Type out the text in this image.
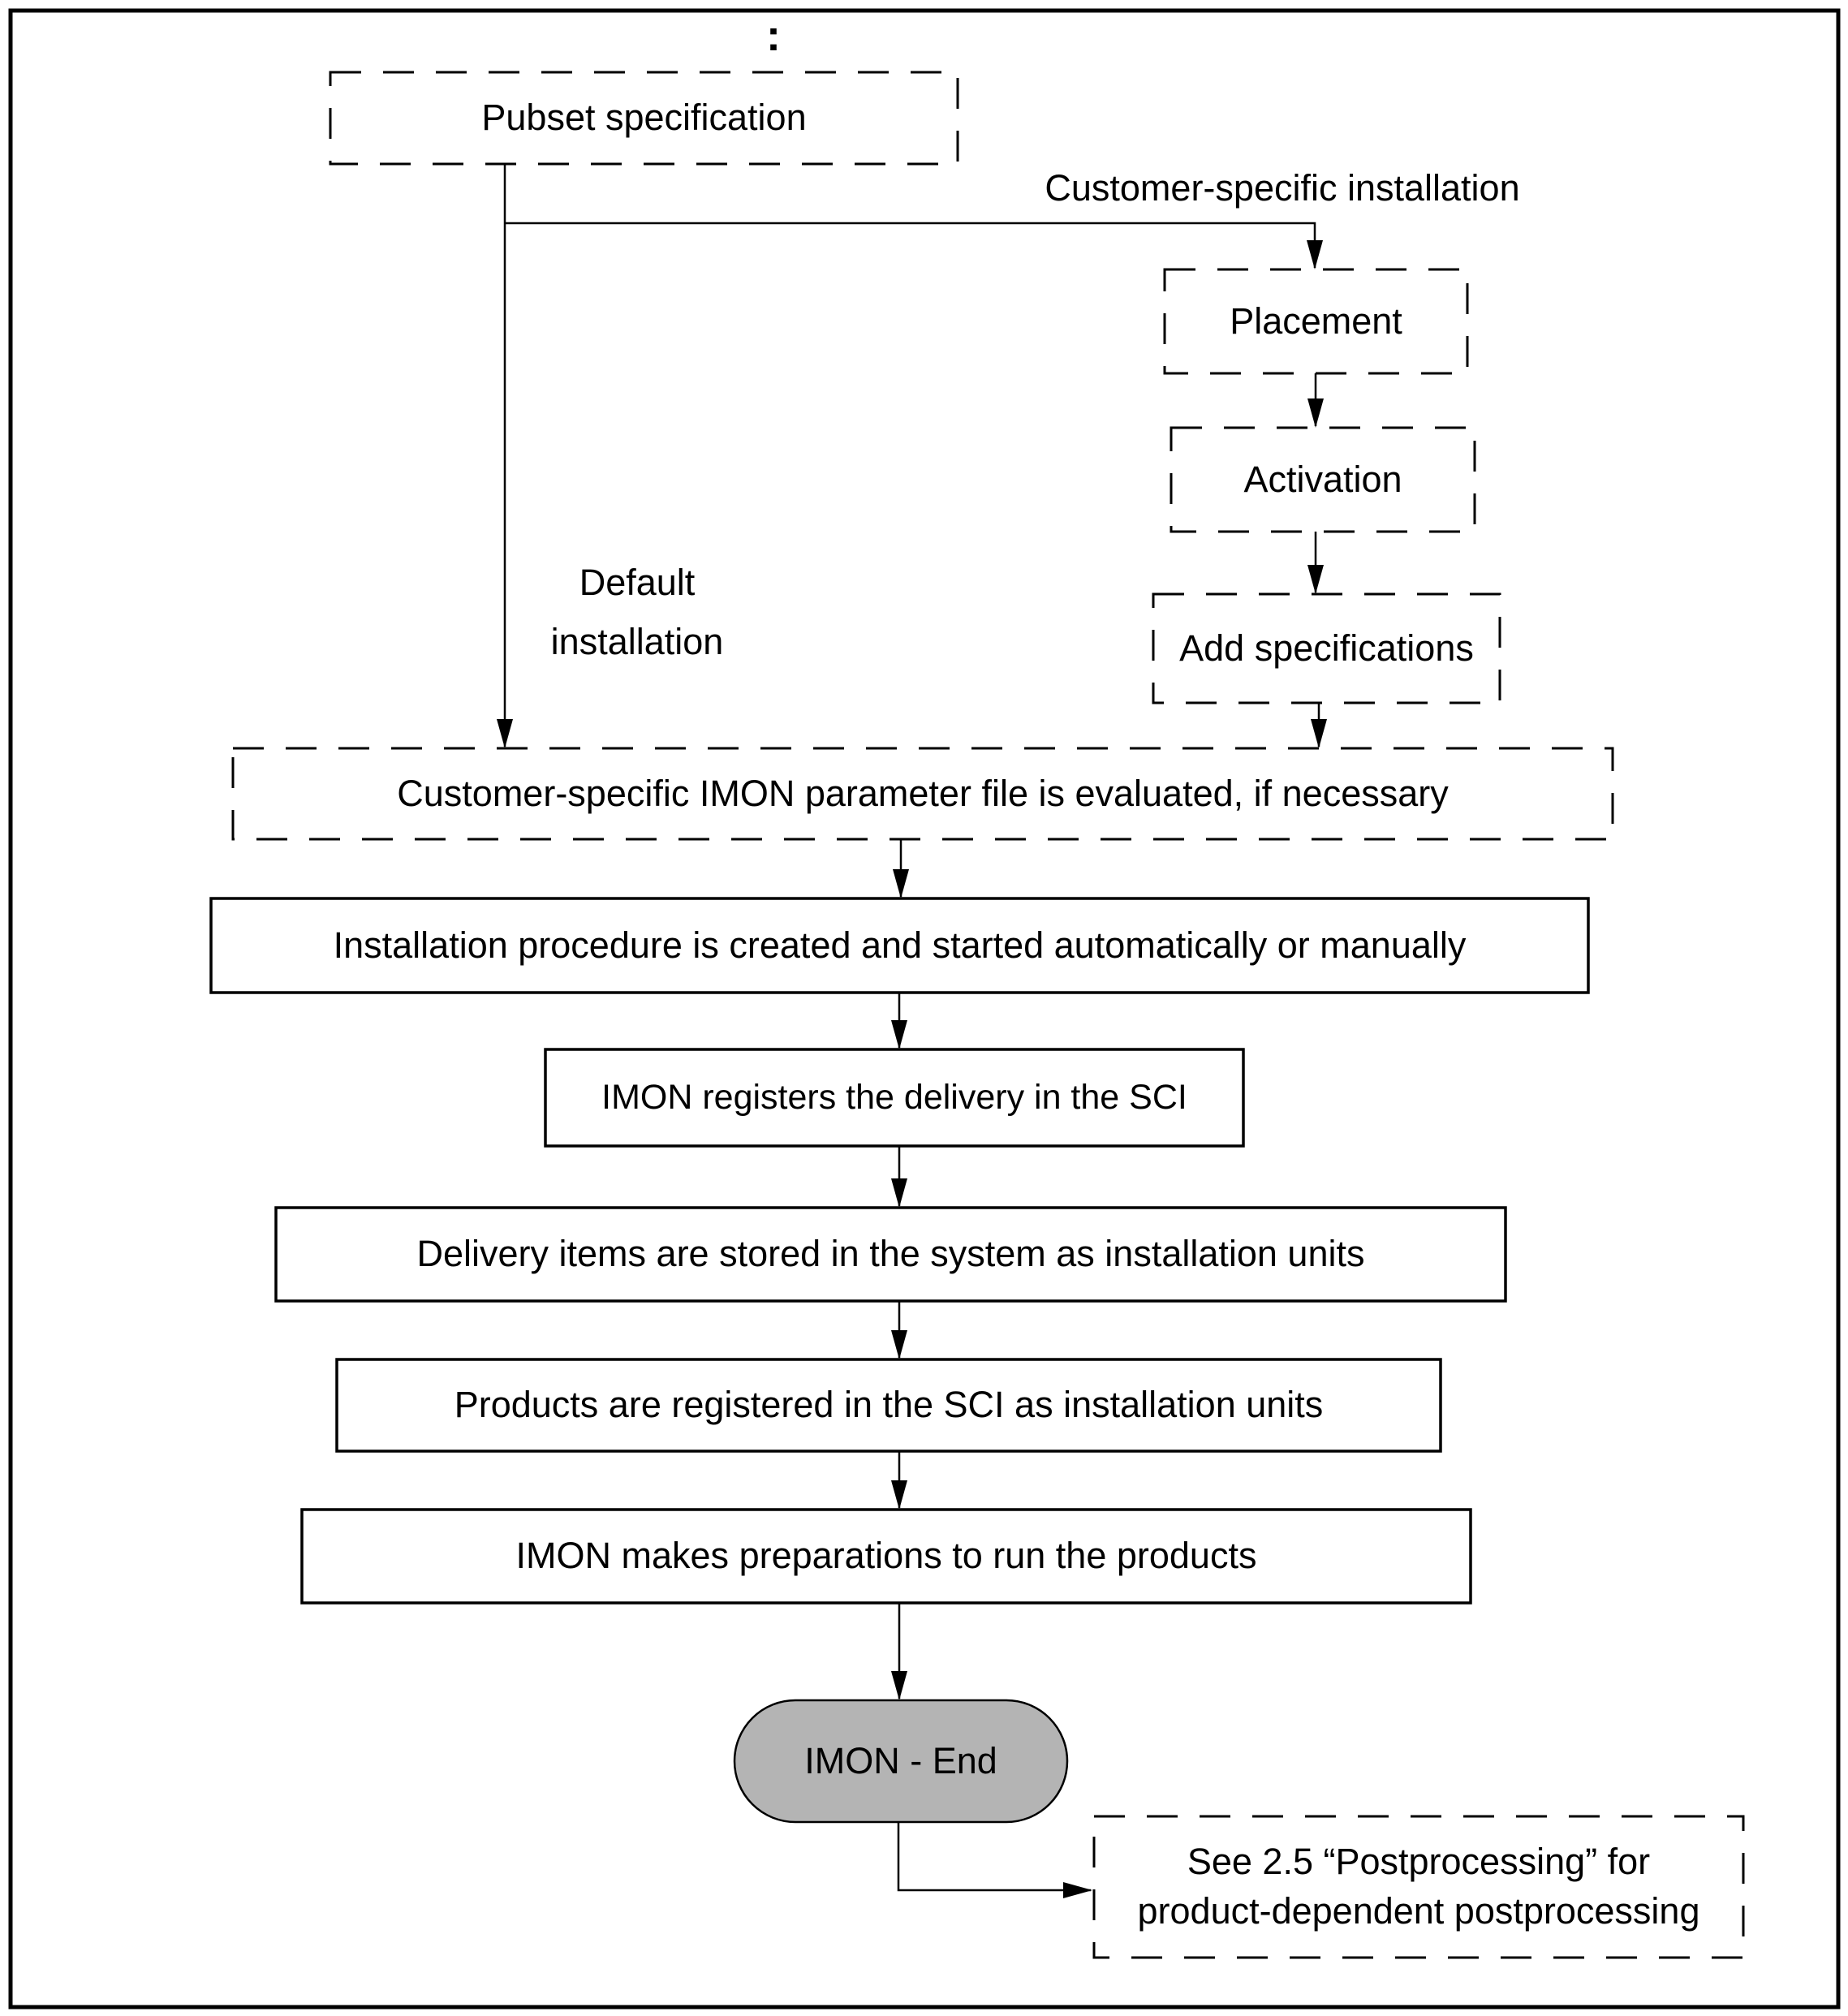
:
Pubset specification
Customer-specific installation
Default
installation
Placement
Activation
Add specifications
Customer-specific IMON parameter file is evaluated, if necessary
Installation procedure is created and started automatically or manually
IMON registers the delivery in the SCI
Delivery items are stored in the system as installation units
Products are registered in the SCI as installation units
IMON makes preparations to run the products
IMON - End
See 2.5 “Postprocessing” for
product-dependent postprocessing
